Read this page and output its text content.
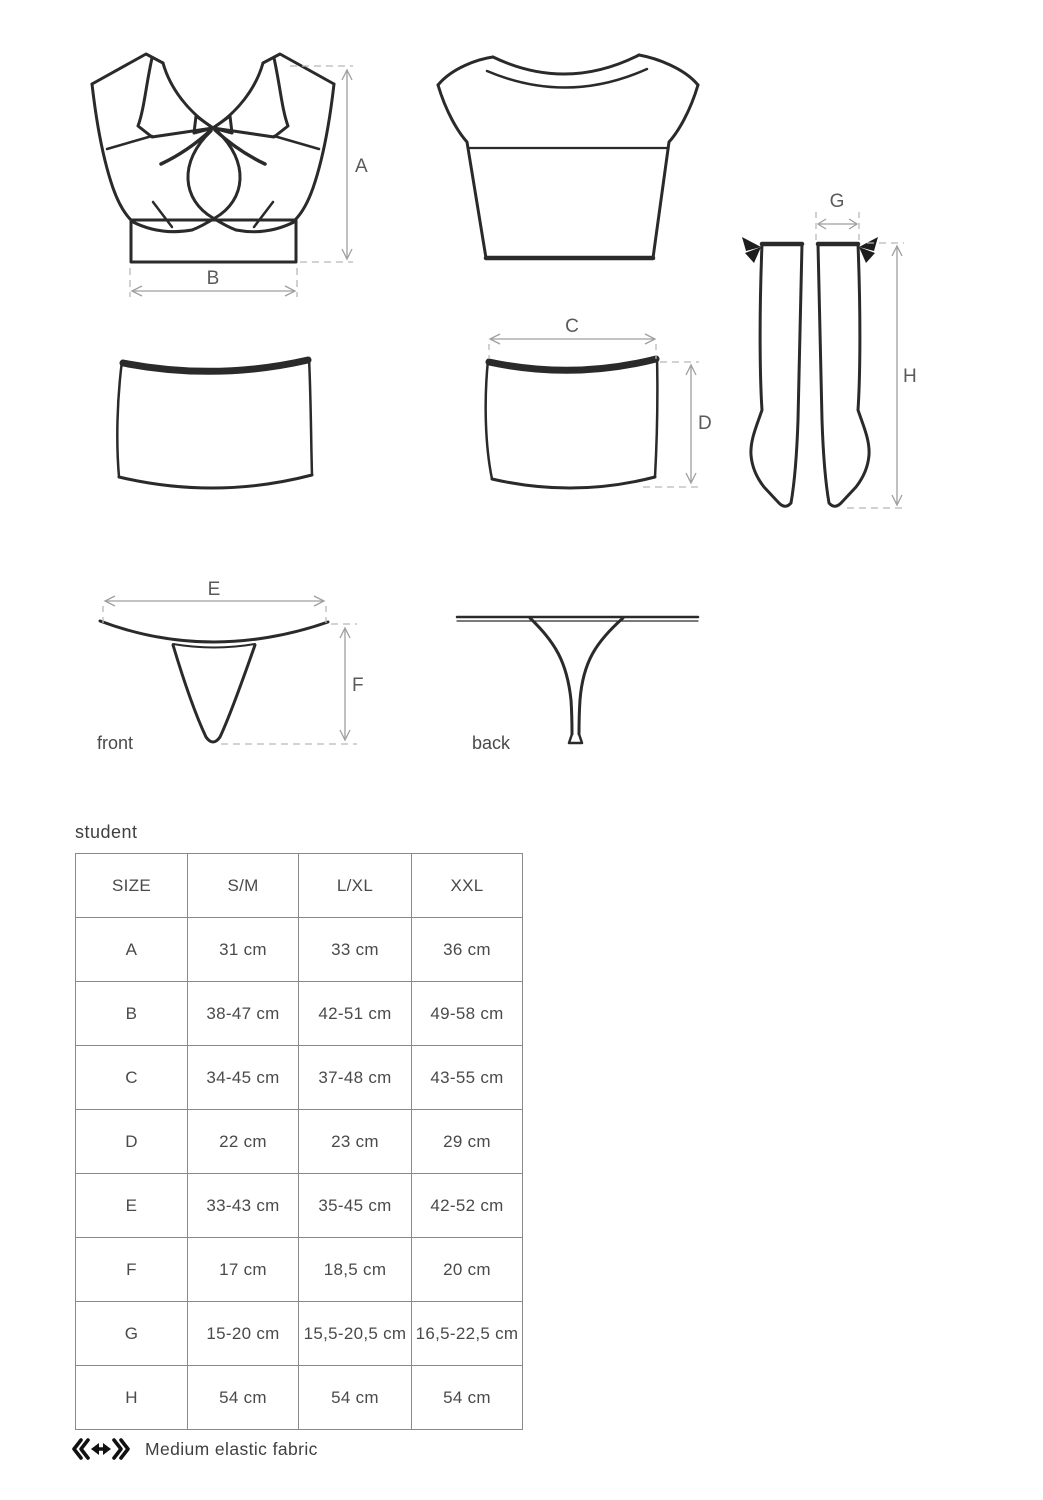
A
B
G
H
C
D
E
F
front	back
student
SIZE	S/M	L/XL	XXL
A	31 cm	33 cm	36 cm
B	38-47 cm	42-51 cm	49-58 cm
C	34-45 cm	37-48 cm	43-55 cm
D	22 cm	23 cm	29 cm
E	33-43 cm	35-45 cm	42-52 cm
F	17 cm	18,5 cm	20 cm
G	15-20 cm	15,5-20,5 cm	16,5-22,5 cm
H	54 cm	54 cm	54 cm
Medium elastic fabric
